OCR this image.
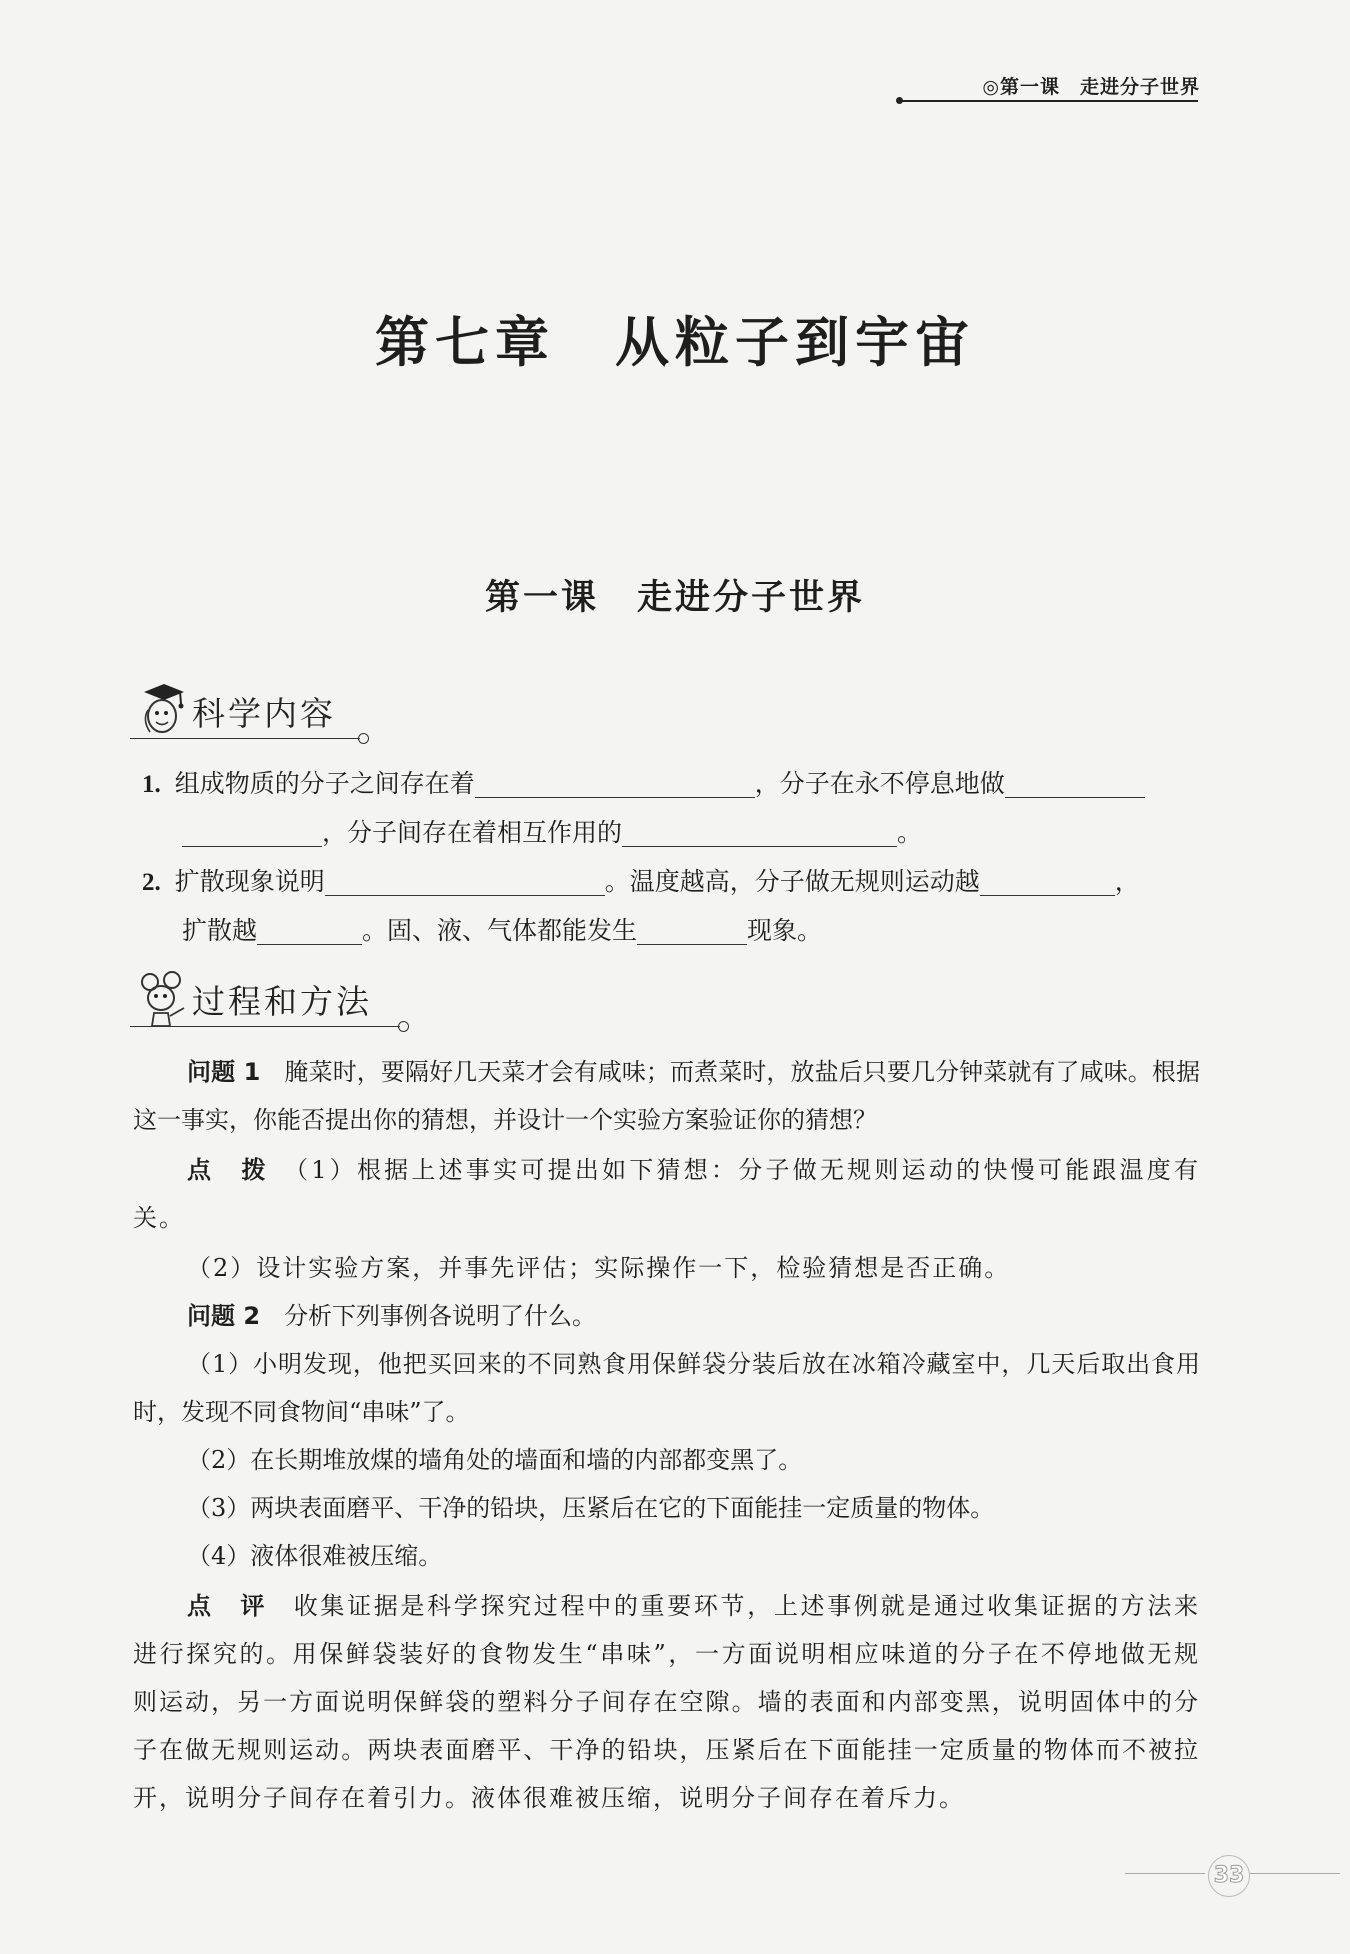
◎第一课　走进分子世界
第七章　从粒子到宇宙
第一课　走进分子世界
科学内容
1. 组成物质的分子之间存在着	，分子在永不停息地做
，分子间存在着相互作用的	。
2. 扩散现象说明	。温度越高，分子做无规则运动越	，
扩散越	。固、液、气体都能发生	现象。
过程和方法
问题 1　 腌菜时，要隔好几天菜才会有咸味；而煮菜时，放盐后只要几分钟菜就有了咸味。根据这一事实，你能否提出你的猜想，并设计一个实验方案验证你的猜想？
点　拨　 （1）根据上述事实可提出如下猜想：分子做无规则运动的快慢可能跟温度有关。
（2）设计实验方案，并事先评估；实际操作一下，检验猜想是否正确。
问题 2　 分析下列事例各说明了什么。
（1）小明发现，他把买回来的不同熟食用保鲜袋分装后放在冰箱冷藏室中，几天后取出食用时，发现不同食物间“串味”了。
（2）在长期堆放煤的墙角处的墙面和墙的内部都变黑了。
（3）两块表面磨平、干净的铅块，压紧后在它的下面能挂一定质量的物体。
（4）液体很难被压缩。
点　评　 收集证据是科学探究过程中的重要环节，上述事例就是通过收集证据的方法来进行探究的。用保鲜袋装好的食物发生“串味”，一方面说明相应味道的分子在不停地做无规则运动，另一方面说明保鲜袋的塑料分子间存在空隙。墙的表面和内部变黑，说明固体中的分子在做无规则运动。两块表面磨平、干净的铅块，压紧后在下面能挂一定质量的物体而不被拉开，说明分子间存在着引力。液体很难被压缩，说明分子间存在着斥力。
33
